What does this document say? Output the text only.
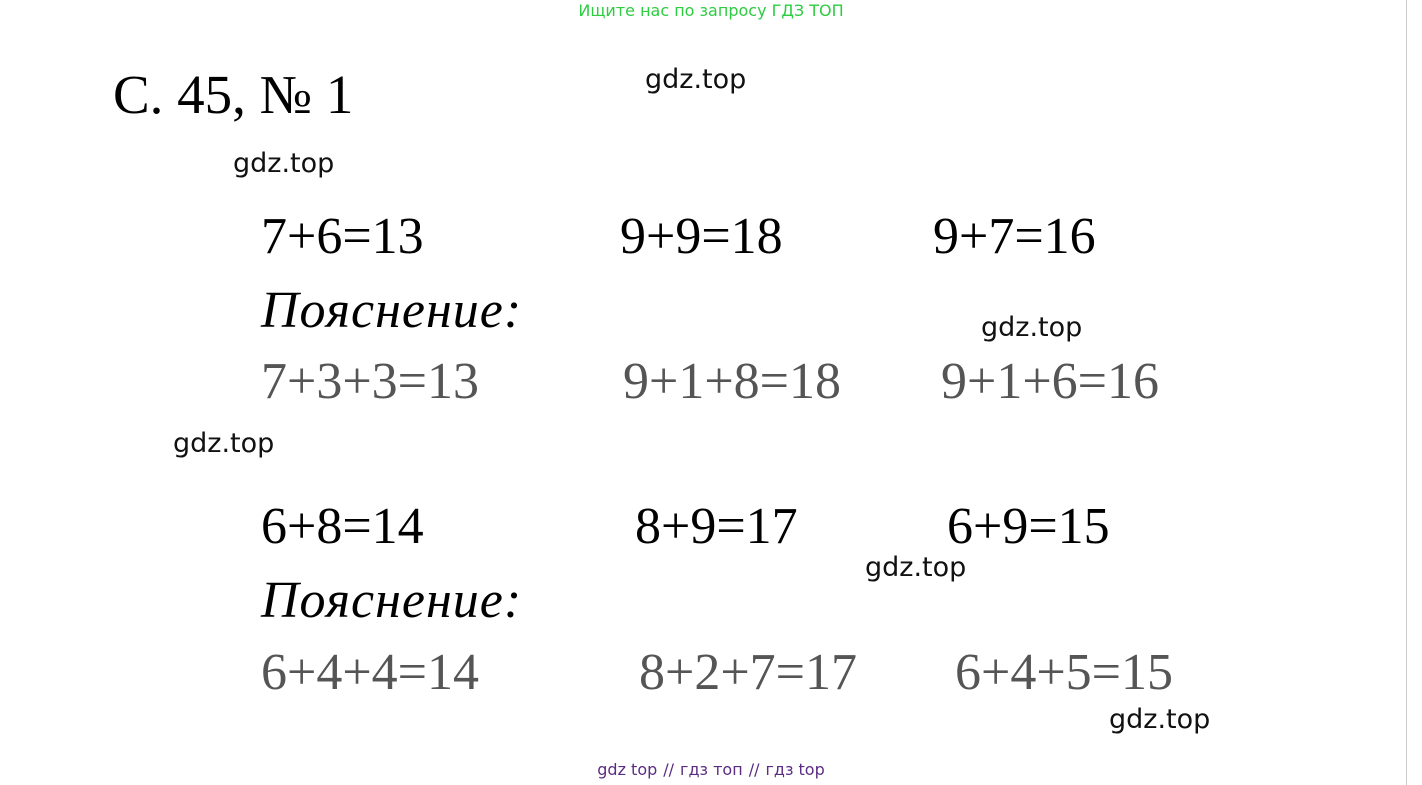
Ищите нас по запросу ГДЗ ТОП
С. 45, № 1	gdz.top
gdz.top
gdz.top
gdz.top
gdz.top
gdz.top
7+6=13	9+9=18	9+7=16
Пояснение:
7+3+3=13	9+1+8=18 9+1+6=16
6+8=14	8+9=17	6+9=15
Пояснение:
6+4+4=14	8+2+7=17 6+4+5=15
gdz top // гдз топ // гдз top
